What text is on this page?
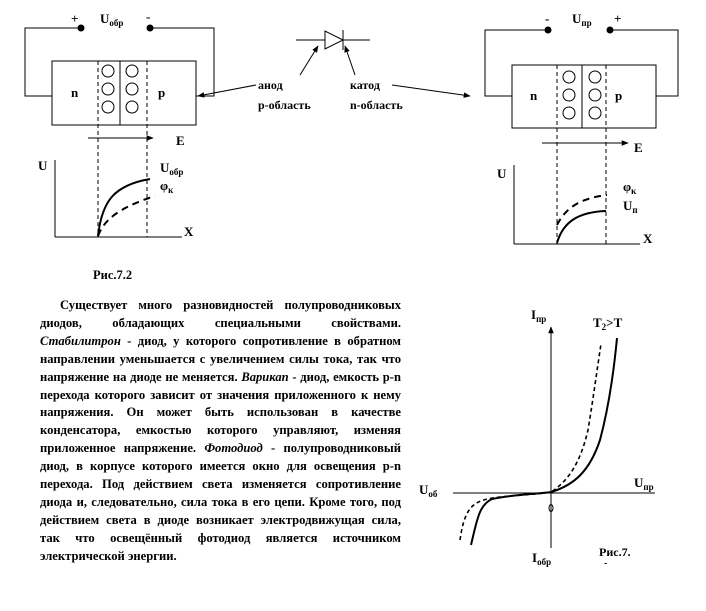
+ $U_{обр}$ -
n	p
E
U
X
$U_{обр}$
$\varphi_к$
анод
p-область
катод
n-область
- $U_{пр}$ +
n	p
E
U
X
$\varphi_к$
$U_п$
Рис.7.2
$I_{пр}$	$T_2>T$
$U_{об}$
$U_{пр}$
$I_{обр}$
Рис.7.
-

Существует много разновидностей полупроводниковых диодов, обладающих специальными свойствами. Стабилитрон - диод, у которого сопротивление в обратном направлении уменьшается с увеличением силы тока, так что напряжение на диоде не меняется. Варикап - диод, емкость p-n перехода которого зависит от значения приложенного к нему напряжения. Он может быть использован в качестве конденсатора, емкостью которого управляют, изменяя приложенное напряжение. Фотодиод - полупроводниковый диод, в корпусе которого имеется окно для освещения p-n перехода. Под действием света изменяется сопротивление диода и, следовательно, сила тока в его цепи. Кроме того, под действием света в диоде возникает электродвижущая сила, так что освещённый фотодиод является источником электрической энергии.
